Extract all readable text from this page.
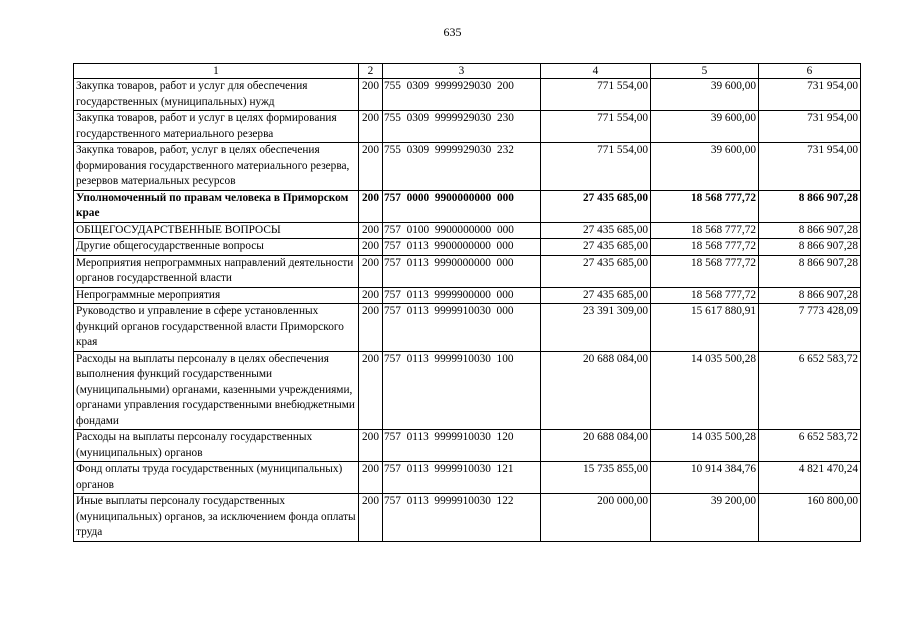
635
1	2	3	4	5	6
Закупка товаров, работ и услуг для обеспечения государственных (муниципальных) нужд	200	755  0309  9999929030  200	771 554,00	39 600,00	731 954,00
Закупка товаров, работ и услуг в целях формирования государственного материального резерва	200	755  0309  9999929030  230	771 554,00	39 600,00	731 954,00
Закупка товаров, работ, услуг в целях обеспечения формирования государственного материального резерва, резервов материальных ресурсов	200	755  0309  9999929030  232	771 554,00	39 600,00	731 954,00
Уполномоченный по правам человека в Приморском крае	200	757  0000  9900000000  000	27 435 685,00	18 568 777,72	8 866 907,28
ОБЩЕГОСУДАРСТВЕННЫЕ ВОПРОСЫ	200	757  0100  9900000000  000	27 435 685,00	18 568 777,72	8 866 907,28
Другие общегосударственные вопросы	200	757  0113  9900000000  000	27 435 685,00	18 568 777,72	8 866 907,28
Мероприятия непрограммных направлений деятельности органов государственной власти	200	757  0113  9990000000  000	27 435 685,00	18 568 777,72	8 866 907,28
Непрограммные мероприятия	200	757  0113  9999900000  000	27 435 685,00	18 568 777,72	8 866 907,28
Руководство и управление в сфере установленных функций органов государственной власти Приморского края	200	757  0113  9999910030  000	23 391 309,00	15 617 880,91	7 773 428,09
Расходы на выплаты персоналу в целях обеспечения выполнения функций государственными (муниципальными) органами, казенными учреждениями, органами управления государственными внебюджетными фондами	200	757  0113  9999910030  100	20 688 084,00	14 035 500,28	6 652 583,72
Расходы на выплаты персоналу государственных (муниципальных) органов	200	757  0113  9999910030  120	20 688 084,00	14 035 500,28	6 652 583,72
Фонд оплаты труда государственных (муниципальных) органов	200	757  0113  9999910030  121	15 735 855,00	10 914 384,76	4 821 470,24
Иные выплаты персоналу государственных (муниципальных) органов, за исключением фонда оплаты труда	200	757  0113  9999910030  122	200 000,00	39 200,00	160 800,00
